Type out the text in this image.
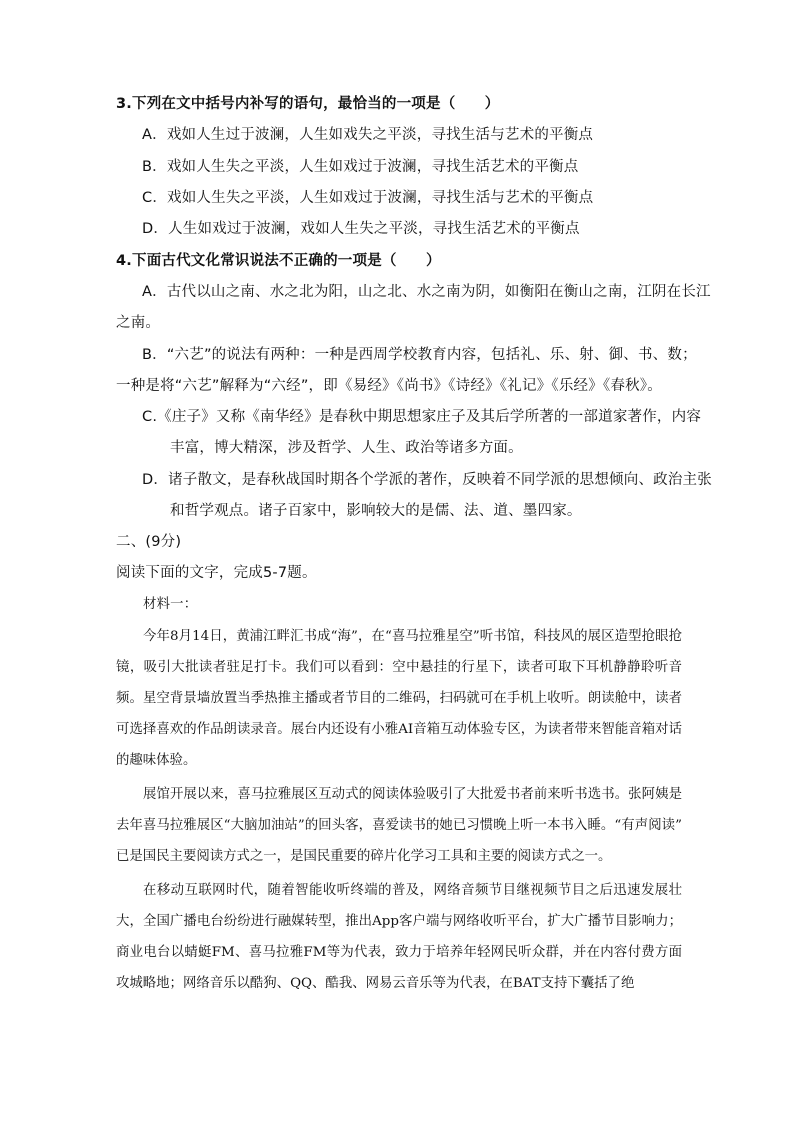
3.下列在文中括号内补写的语句，最恰当的一项是（　　）
A．戏如人生过于波澜，人生如戏失之平淡，寻找生活与艺术的平衡点
B．戏如人生失之平淡，人生如戏过于波澜，寻找生活艺术的平衡点
C．戏如人生失之平淡，人生如戏过于波澜，寻找生活与艺术的平衡点
D．人生如戏过于波澜，戏如人生失之平淡，寻找生活艺术的平衡点
4.下面古代文化常识说法不正确的一项是（　　）
A．古代以山之南、水之北为阳，山之北、水之南为阴，如衡阳在衡山之南，江阴在长江
之南。
B．“六艺”的说法有两种：一种是西周学校教育内容，包括礼、乐、射、御、书、数；
一种是将“六艺”解释为“六经”，即《易经》《尚书》《诗经》《礼记》《乐经》《春秋》。
C.《庄子》又称《南华经》是春秋中期思想家庄子及其后学所著的一部道家著作，内容
丰富，博大精深，涉及哲学、人生、政治等诸多方面。
D．诸子散文，是春秋战国时期各个学派的著作，反映着不同学派的思想倾向、政治主张
和哲学观点。诸子百家中，影响较大的是儒、法、道、墨四家。
二、(9分)
阅读下面的文字，完成5-7题。
材料一：

今年8月14日，黄浦江畔汇书成“海”，在“喜马拉雅星空”听书馆，科技风的展区造型抢眼抢镜，吸引大批读者驻足打卡。我们可以看到：空中悬挂的行星下，读者可取下耳机静静聆听音频。星空背景墙放置当季热推主播或者节目的二维码，扫码就可在手机上收听。朗读舱中，读者可选择喜欢的作品朗读录音。展台内还设有小雅AI音箱互动体验专区，为读者带来智能音箱对话的趣味体验。

展馆开展以来，喜马拉雅展区互动式的阅读体验吸引了大批爱书者前来听书选书。张阿姨是去年喜马拉雅展区“大脑加油站”的回头客，喜爱读书的她已习惯晚上听一本书入睡。“有声阅读” 已是国民主要阅读方式之一，是国民重要的碎片化学习工具和主要的阅读方式之一。

在移动互联网时代，随着智能收听终端的普及，网络音频节目继视频节目之后迅速发展壮大，全国广播电台纷纷进行融媒转型，推出App客户端与网络收听平台，扩大广播节目影响力；商业电台以蜻蜓FM、喜马拉雅FM等为代表，致力于培养年轻网民听众群，并在内容付费方面攻城略地；网络音乐以酷狗、QQ、酷我、网易云音乐等为代表，在BAT支持下囊括了绝
